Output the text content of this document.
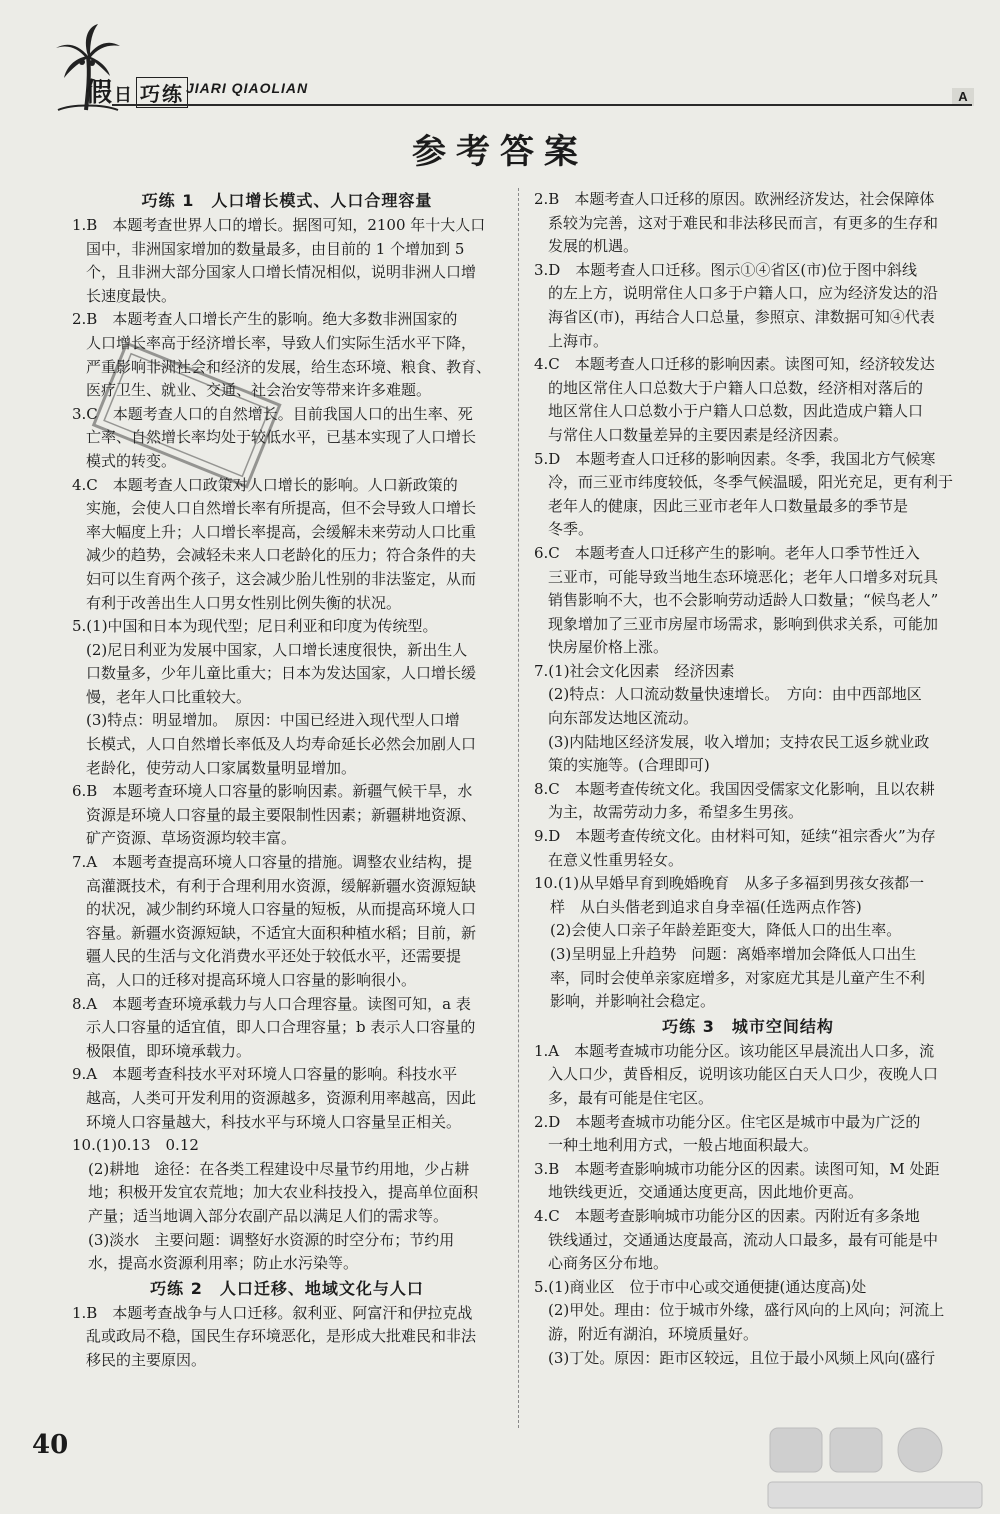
假日 巧练 JIARI QIAOLIAN
A
参考答案
巧练 1　人口增长模式、人口合理容量
1.B　本题考查世界人口的增长。据图可知，2100 年十大人口
国中，非洲国家增加的数量最多，由目前的 1 个增加到 5
个，且非洲大部分国家人口增长情况相似，说明非洲人口增
长速度最快。
2.B　本题考查人口增长产生的影响。绝大多数非洲国家的
人口增长率高于经济增长率，导致人们实际生活水平下降，
严重影响非洲社会和经济的发展，给生态环境、粮食、教育、
医疗卫生、就业、交通、社会治安等带来许多难题。
3.C　本题考查人口的自然增长。目前我国人口的出生率、死
亡率、自然增长率均处于较低水平，已基本实现了人口增长
模式的转变。
4.C　本题考查人口政策对人口增长的影响。人口新政策的
实施，会使人口自然增长率有所提高，但不会导致人口增长
率大幅度上升；人口增长率提高，会缓解未来劳动人口比重
减少的趋势，会减轻未来人口老龄化的压力；符合条件的夫
妇可以生育两个孩子，这会减少胎儿性别的非法鉴定，从而
有利于改善出生人口男女性别比例失衡的状况。
5.(1)中国和日本为现代型；尼日利亚和印度为传统型。
(2)尼日利亚为发展中国家，人口增长速度很快，新出生人
口数量多，少年儿童比重大；日本为发达国家，人口增长缓
慢，老年人口比重较大。
(3)特点：明显增加。　原因：中国已经进入现代型人口增
长模式，人口自然增长率低及人均寿命延长必然会加剧人口
老龄化，使劳动人口家属数量明显增加。
6.B　本题考查环境人口容量的影响因素。新疆气候干旱，水
资源是环境人口容量的最主要限制性因素；新疆耕地资源、
矿产资源、草场资源均较丰富。
7.A　本题考查提高环境人口容量的措施。调整农业结构，提
高灌溉技术，有利于合理利用水资源，缓解新疆水资源短缺
的状况，减少制约环境人口容量的短板，从而提高环境人口
容量。新疆水资源短缺，不适宜大面积种植水稻；目前，新
疆人民的生活与文化消费水平还处于较低水平，还需要提
高，人口的迁移对提高环境人口容量的影响很小。
8.A　本题考查环境承载力与人口合理容量。读图可知，a 表
示人口容量的适宜值，即人口合理容量；b 表示人口容量的
极限值，即环境承载力。
9.A　本题考查科技水平对环境人口容量的影响。科技水平
越高，人类可开发利用的资源越多，资源利用率越高，因此
环境人口容量越大，科技水平与环境人口容量呈正相关。
10.(1)0.13　0.12
(2)耕地　途径：在各类工程建设中尽量节约用地，少占耕
地；积极开发宜农荒地；加大农业科技投入，提高单位面积
产量；适当地调入部分农副产品以满足人们的需求等。
(3)淡水　主要问题：调整好水资源的时空分布；节约用
水，提高水资源利用率；防止水污染等。
巧练 2　人口迁移、地域文化与人口
1.B　本题考查战争与人口迁移。叙利亚、阿富汗和伊拉克战
乱或政局不稳，国民生存环境恶化，是形成大批难民和非法
移民的主要原因。
2.B　本题考查人口迁移的原因。欧洲经济发达，社会保障体
系较为完善，这对于难民和非法移民而言，有更多的生存和
发展的机遇。
3.D　本题考查人口迁移。图示①④省区(市)位于图中斜线
的左上方，说明常住人口多于户籍人口，应为经济发达的沿
海省区(市)，再结合人口总量，参照京、津数据可知④代表
上海市。
4.C　本题考查人口迁移的影响因素。读图可知，经济较发达
的地区常住人口总数大于户籍人口总数，经济相对落后的
地区常住人口总数小于户籍人口总数，因此造成户籍人口
与常住人口数量差异的主要因素是经济因素。
5.D　本题考查人口迁移的影响因素。冬季，我国北方气候寒
冷，而三亚市纬度较低，冬季气候温暖，阳光充足，更有利于
老年人的健康，因此三亚市老年人口数量最多的季节是
冬季。
6.C　本题考查人口迁移产生的影响。老年人口季节性迁入
三亚市，可能导致当地生态环境恶化；老年人口增多对玩具
销售影响不大，也不会影响劳动适龄人口数量；“候鸟老人”
现象增加了三亚市房屋市场需求，影响到供求关系，可能加
快房屋价格上涨。
7.(1)社会文化因素　经济因素
(2)特点：人口流动数量快速增长。　方向：由中西部地区
向东部发达地区流动。
(3)内陆地区经济发展，收入增加；支持农民工返乡就业政
策的实施等。(合理即可)
8.C　本题考查传统文化。我国因受儒家文化影响，且以农耕
为主，故需劳动力多，希望多生男孩。
9.D　本题考查传统文化。由材料可知，延续“祖宗香火”为存
在意义性重男轻女。
10.(1)从早婚早育到晚婚晚育　从多子多福到男孩女孩都一
样　从白头偕老到追求自身幸福(任选两点作答)
(2)会使人口亲子年龄差距变大，降低人口的出生率。
(3)呈明显上升趋势　问题：离婚率增加会降低人口出生
率，同时会使单亲家庭增多，对家庭尤其是儿童产生不利
影响，并影响社会稳定。
巧练 3　城市空间结构
1.A　本题考查城市功能分区。该功能区早晨流出人口多，流
入人口少，黄昏相反，说明该功能区白天人口少，夜晚人口
多，最有可能是住宅区。
2.D　本题考查城市功能分区。住宅区是城市中最为广泛的
一种土地利用方式，一般占地面积最大。
3.B　本题考查影响城市功能分区的因素。读图可知，M 处距
地铁线更近，交通通达度更高，因此地价更高。
4.C　本题考查影响城市功能分区的因素。丙附近有多条地
铁线通过，交通通达度最高，流动人口最多，最有可能是中
心商务区分布地。
5.(1)商业区　位于市中心或交通便捷(通达度高)处
(2)甲处。理由：位于城市外缘，盛行风向的上风向；河流上
游，附近有湖泊，环境质量好。
(3)丁处。原因：距市区较远，且位于最小风频上风向(盛行
40
